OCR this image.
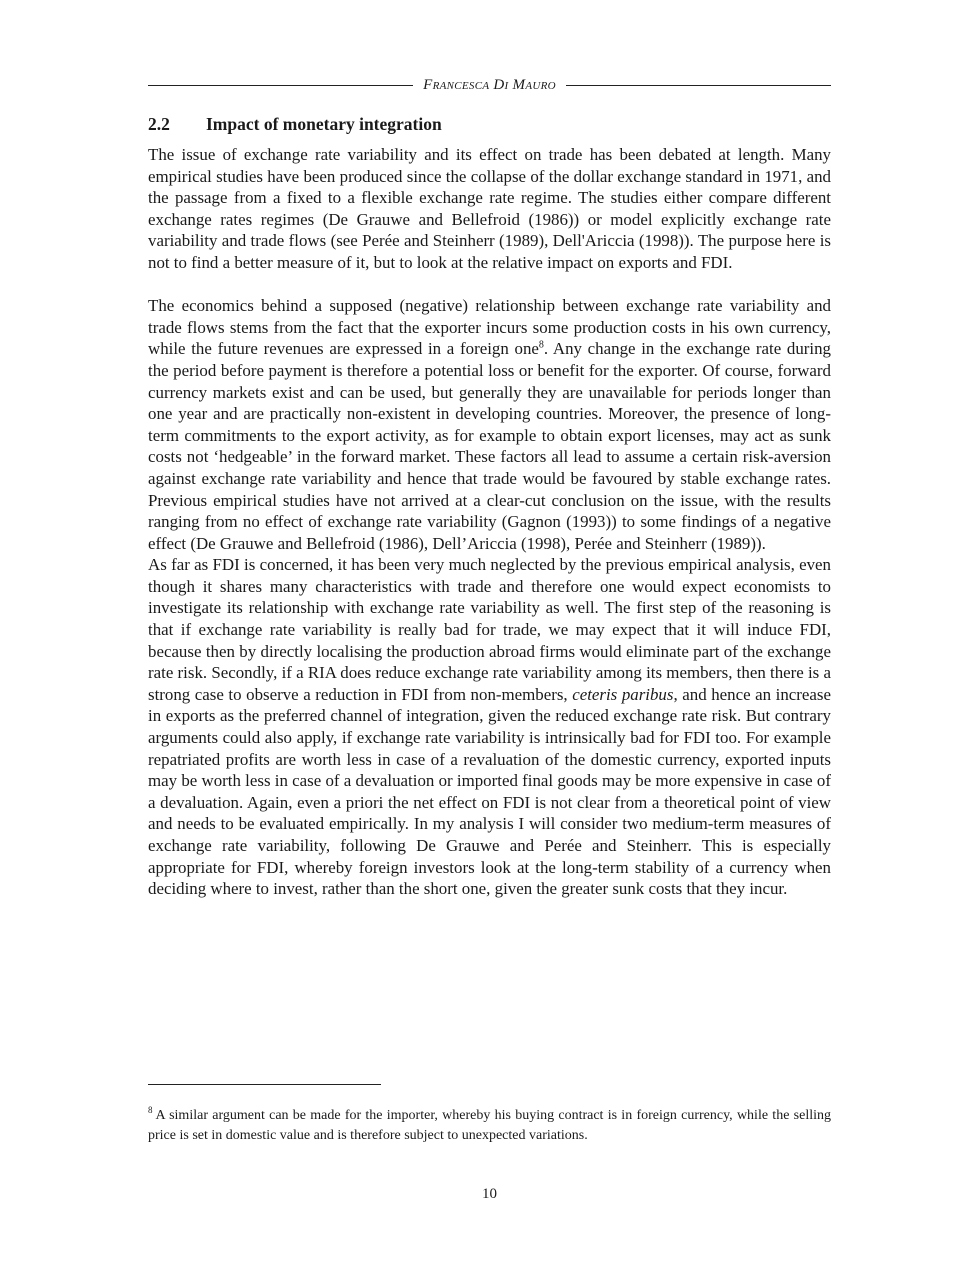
Francesca Di Mauro
2.2 Impact of monetary integration

The issue of exchange rate variability and its effect on trade has been debated at length. Many empirical studies have been produced since the collapse of the dollar exchange standard in 1971, and the passage from a fixed to a flexible exchange rate regime. The studies either compare different exchange rates regimes (De Grauwe and Bellefroid (1986)) or model explicitly exchange rate variability and trade flows (see Perée and Steinherr (1989), Dell'Ariccia (1998)). The purpose here is not to find a better measure of it, but to look at the relative impact on exports and FDI.

The economics behind a supposed (negative) relationship between exchange rate variability and trade flows stems from the fact that the exporter incurs some production costs in his own currency, while the future revenues are expressed in a foreign one$^8$. Any change in the exchange rate during the period before payment is therefore a potential loss or benefit for the exporter. Of course, forward currency markets exist and can be used, but generally they are unavailable for periods longer than one year and are practically non-existent in developing countries. Moreover, the presence of long-term commitments to the export activity, as for example to obtain export licenses, may act as sunk costs not ‘hedgeable’ in the forward market. These factors all lead to assume a certain risk-aversion against exchange rate variability and hence that trade would be favoured by stable exchange rates. Previous empirical studies have not arrived at a clear-cut conclusion on the issue, with the results ranging from no effect of exchange rate variability (Gagnon (1993)) to some findings of a negative effect (De Grauwe and Bellefroid (1986), Dell’Ariccia (1998), Perée and Steinherr (1989)).

As far as FDI is concerned, it has been very much neglected by the previous empirical analysis, even though it shares many characteristics with trade and therefore one would expect economists to investigate its relationship with exchange rate variability as well. The first step of the reasoning is that if exchange rate variability is really bad for trade, we may expect that it will induce FDI, because then by directly localising the production abroad firms would eliminate part of the exchange rate risk. Secondly, if a RIA does reduce exchange rate variability among its members, then there is a strong case to observe a reduction in FDI from non-members, ceteris paribus, and hence an increase in exports as the preferred channel of integration, given the reduced exchange rate risk. But contrary arguments could also apply, if exchange rate variability is intrinsically bad for FDI too. For example repatriated profits are worth less in case of a revaluation of the domestic currency, exported inputs may be worth less in case of a devaluation or imported final goods may be more expensive in case of a devaluation. Again, even a priori the net effect on FDI is not clear from a theoretical point of view and needs to be evaluated empirically. In my analysis I will consider two medium-term measures of exchange rate variability, following De Grauwe and Perée and Steinherr. This is especially appropriate for FDI, whereby foreign investors look at the long-term stability of a currency when deciding where to invest, rather than the short one, given the greater sunk costs that they incur.

$^8$ A similar argument can be made for the importer, whereby his buying contract is in foreign currency, while the selling price is set in domestic value and is therefore subject to unexpected variations.
10
